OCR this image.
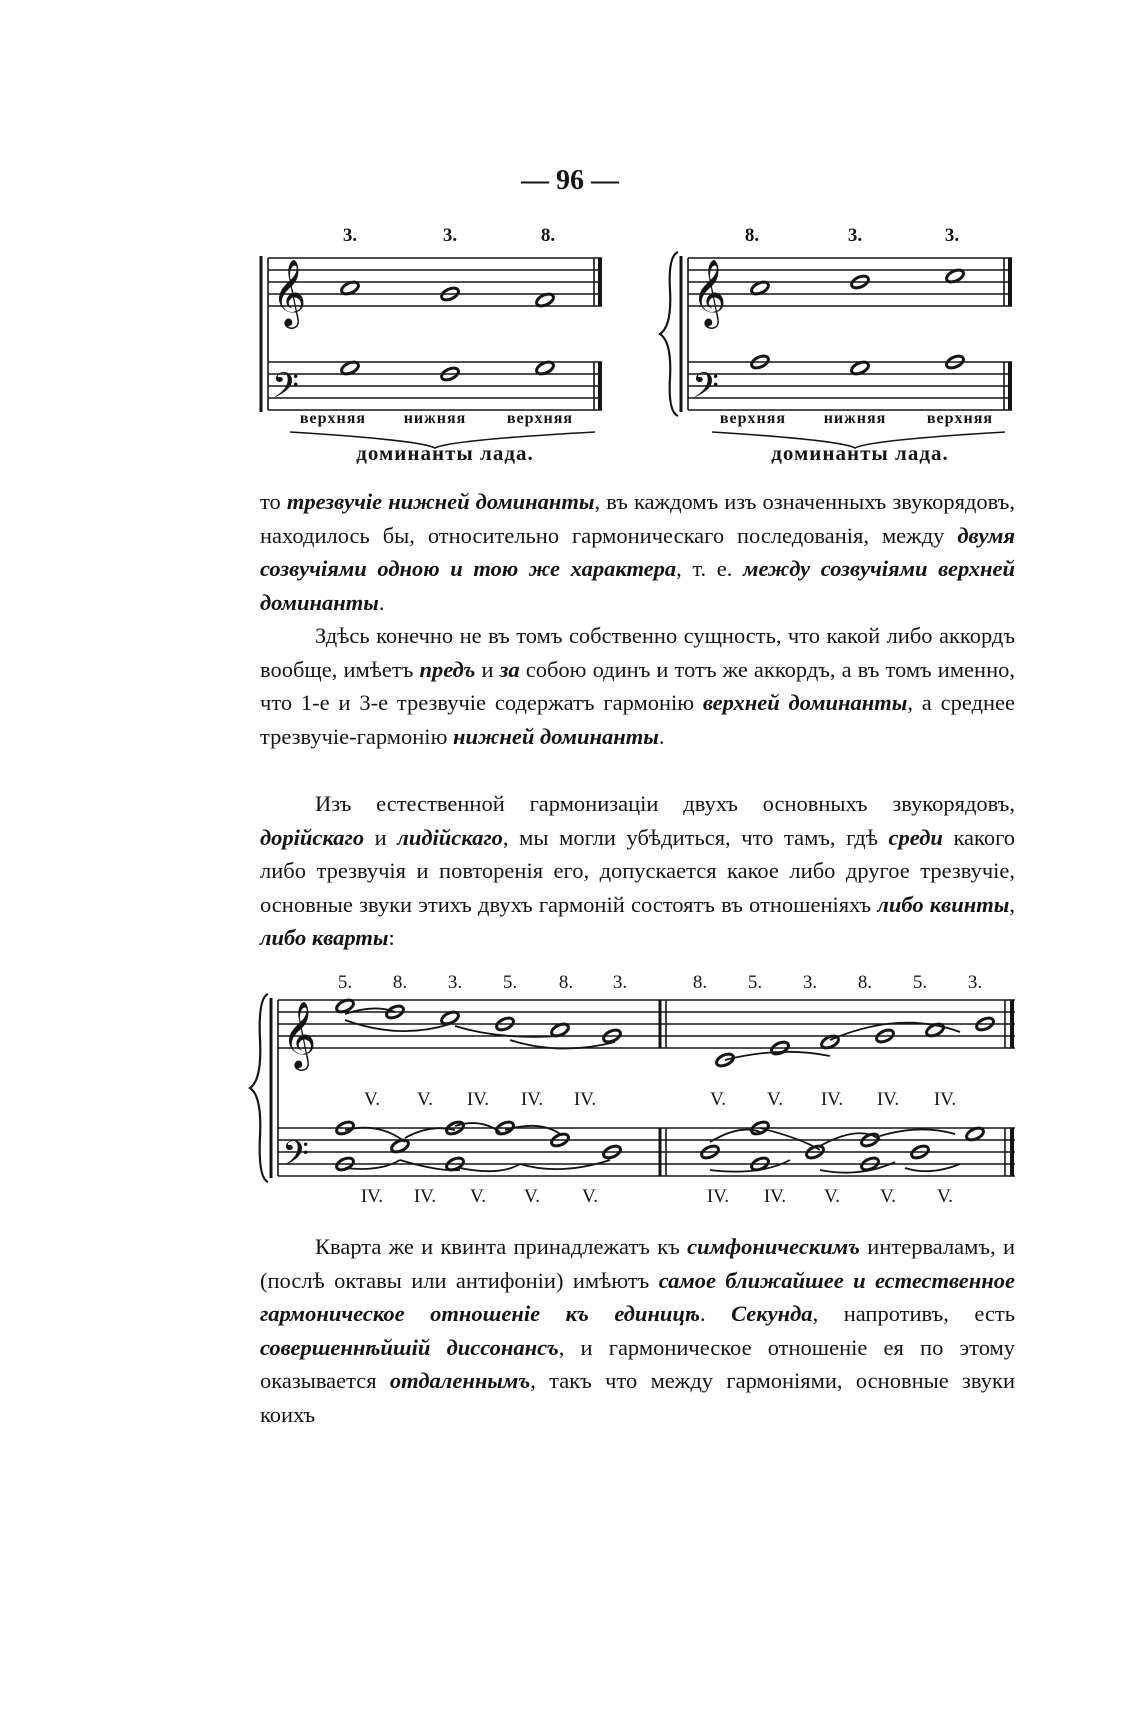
— 96 —
𝄞
𝄢
𝄞
𝄢
3.	3.	8.	8.	3.	3.
верхняя нижняя	верхняя	верхняя нижняя	верхняя
доминанты лада.	доминанты лада.

то трезвучіе нижней доминанты, въ каждомъ изъ означенныхъ звукорядовъ, находилось бы, относительно гармоническаго последованія, между двумя созвучіями одною и тою же характера, т. е. между созвучіями верхней доминанты.

Здѣсь конечно не въ томъ собственно сущность, что какой либо аккордъ вообще, имѣетъ предъ и за собою одинъ и тотъ же аккордъ, а въ томъ именно, что 1-е и 3-е трезвучіе содержатъ гармонію верхней доминанты, а среднее трезвучіе-гармонію нижней доминанты.

Изъ естественной гармонизаціи двухъ основныхъ звукорядовъ, дорійскаго и лидійскаго, мы могли убѣдиться, что тамъ, гдѣ среди какого либо трезвучія и повторенія его, допускается какое либо другое трезвучіе, основные звуки этихъ двухъ гармоній состоятъ въ отношеніяхъ либо квинты, либо кварты:

𝄞
𝄢
5. 8. 3. 5. 8. 3.	8. 5. 3. 8. 5. 3.
V. V. IV. IV. IV.	V. V. IV. IV. IV.
IV. IV. V. V. V.	IV. IV. V. V. V.

Кварта же и квинта принадлежатъ къ симфоническимъ интерваламъ, и (послѣ октавы или антифоніи) имѣютъ самое ближайшее и естественное гармоническое отношеніе къ единицѣ. Секунда, напротивъ, есть совершеннѣйшій диссонансъ, и гармоническое отношеніе ея по этому оказывается отдаленнымъ, такъ что между гармоніями, основные звуки коихъ
